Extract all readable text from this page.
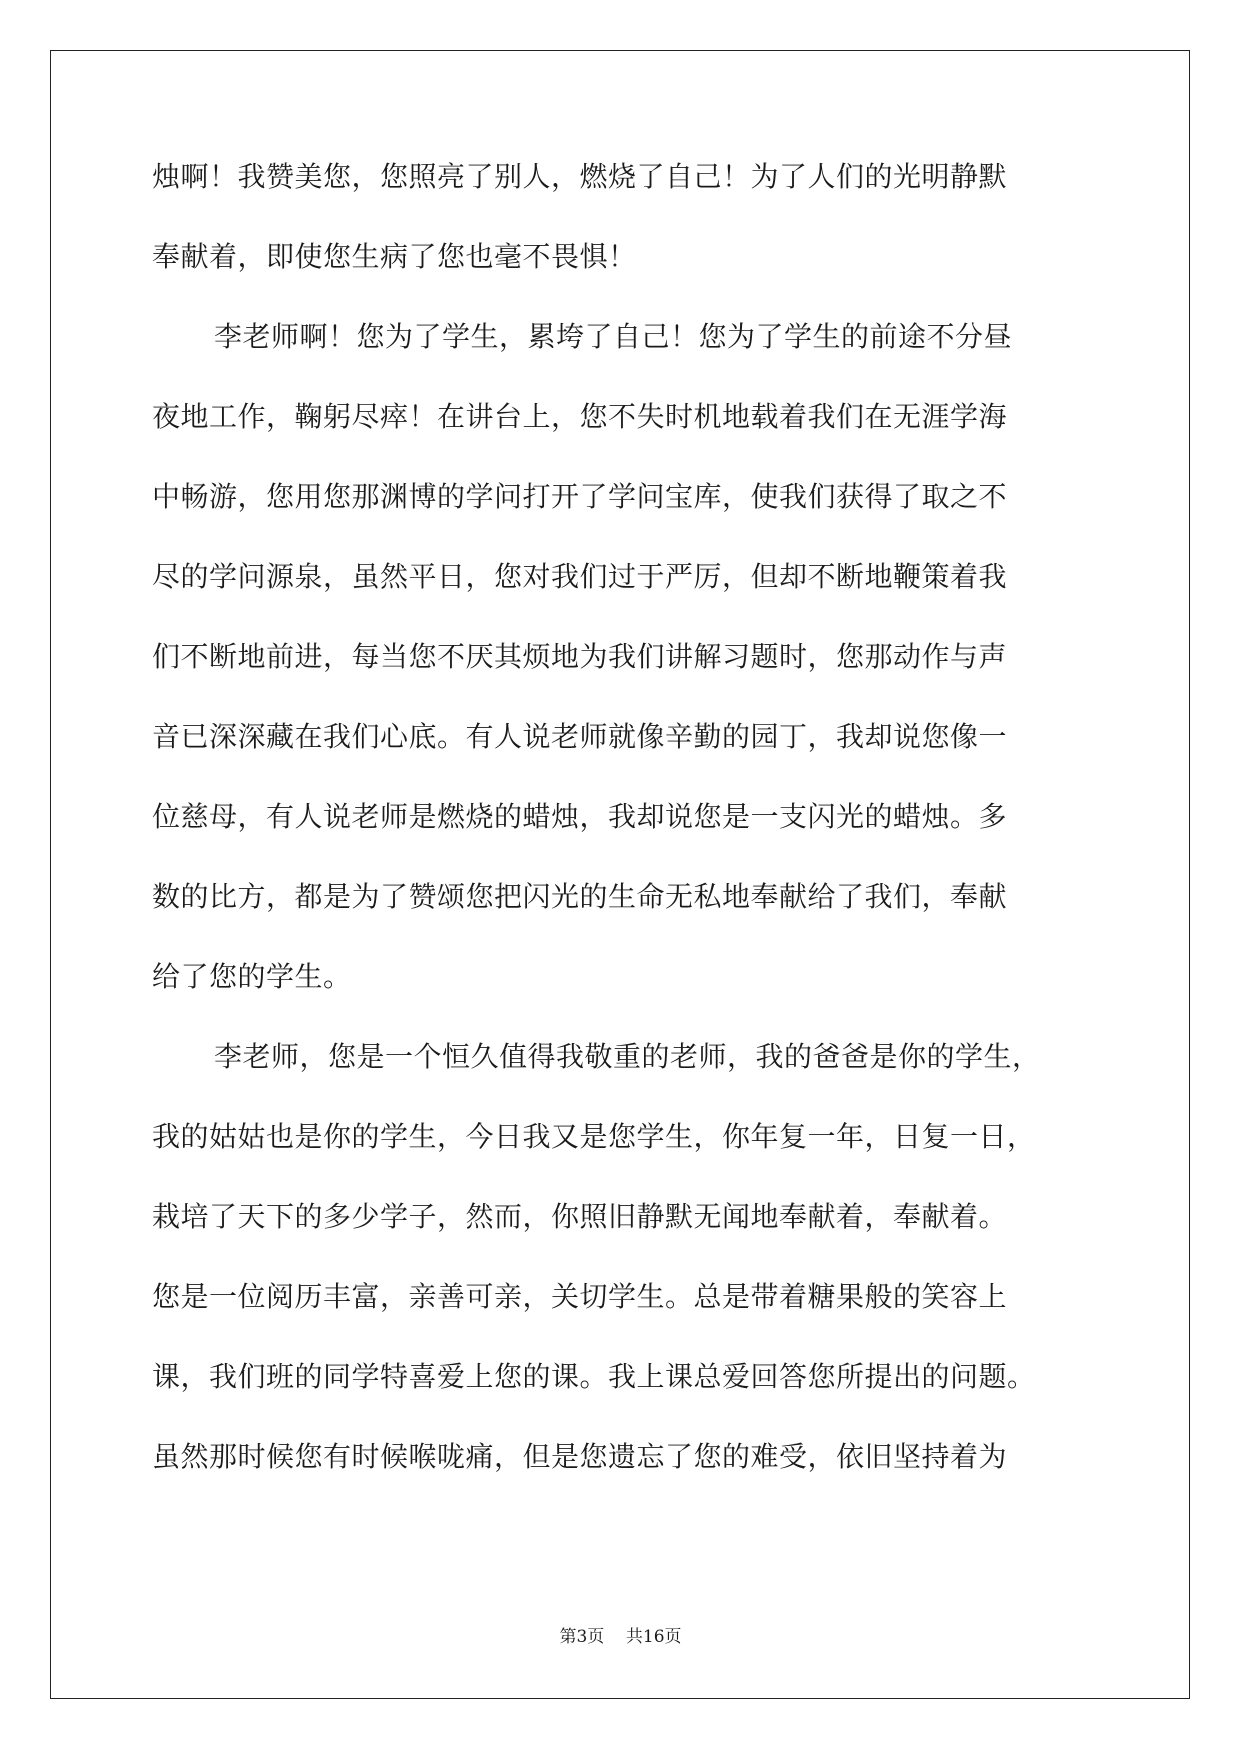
烛啊！我赞美您，您照亮了别人，燃烧了自己！为了人们的光明静默
奉献着，即使您生病了您也毫不畏惧！
李老师啊！您为了学生，累垮了自己！您为了学生的前途不分昼
夜地工作，鞠躬尽瘁！在讲台上，您不失时机地载着我们在无涯学海
中畅游，您用您那渊博的学问打开了学问宝库，使我们获得了取之不
尽的学问源泉，虽然平日，您对我们过于严厉，但却不断地鞭策着我
们不断地前进，每当您不厌其烦地为我们讲解习题时，您那动作与声
音已深深藏在我们心底。有人说老师就像辛勤的园丁，我却说您像一
位慈母，有人说老师是燃烧的蜡烛，我却说您是一支闪光的蜡烛。多
数的比方，都是为了赞颂您把闪光的生命无私地奉献给了我们，奉献
给了您的学生。
李老师，您是一个恒久值得我敬重的老师，我的爸爸是你的学生，
我的姑姑也是你的学生，今日我又是您学生，你年复一年，日复一日，
栽培了天下的多少学子，然而，你照旧静默无闻地奉献着，奉献着。
您是一位阅历丰富，亲善可亲，关切学生。总是带着糖果般的笑容上
课，我们班的同学特喜爱上您的课。我上课总爱回答您所提出的问题。
虽然那时候您有时候喉咙痛，但是您遗忘了您的难受，依旧坚持着为
第3页 共16页
